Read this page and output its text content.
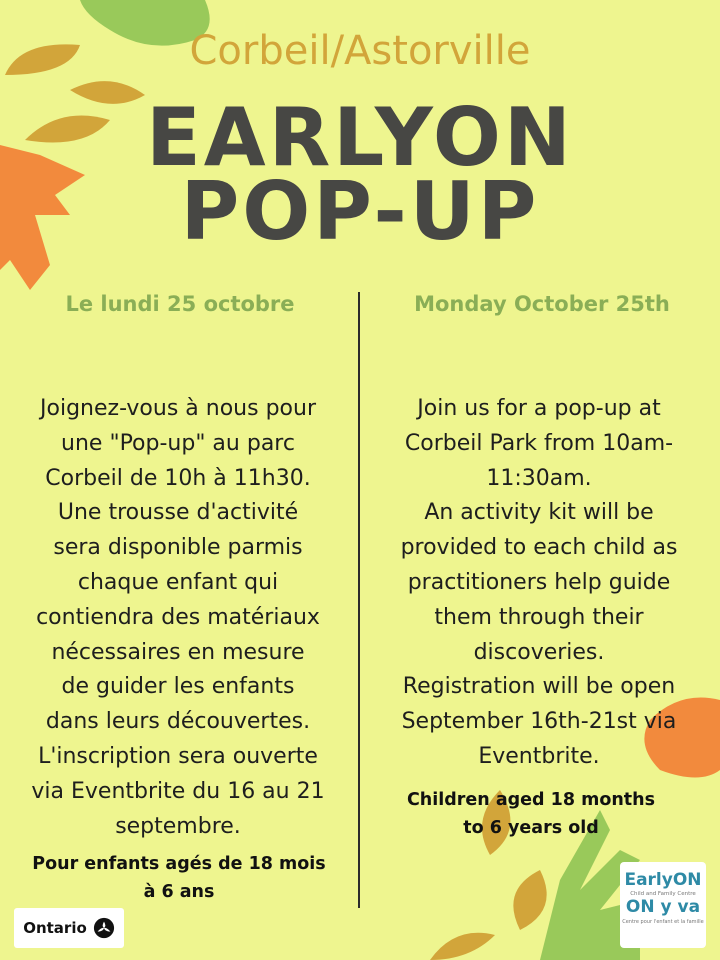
Corbeil/Astorville
EARLYON
POP-UP
Le lundi 25 octobre	Monday October 25th
Joignez-vous à nous pour
une "Pop-up" au parc
Corbeil de 10h à 11h30.
Une trousse d'activité
sera disponible parmis
chaque enfant qui
contiendra des matériaux
nécessaires en mesure
de guider les enfants
dans leurs découvertes.
L'inscription sera ouverte
via Eventbrite du 16 au 21
septembre.
Join us for a pop-up at
Corbeil Park from 10am-
11:30am.
An activity kit will be
provided to each child as
practitioners help guide
them through their
discoveries.
Registration will be open
September 16th-21st via
Eventbrite.
Pour enfants agés de 18 mois
à 6 ans
Children aged 18 months
to 6 years old
Ontario
EarlyON
Child and Family Centre
ON y va
Centre pour l'enfant et la famille
